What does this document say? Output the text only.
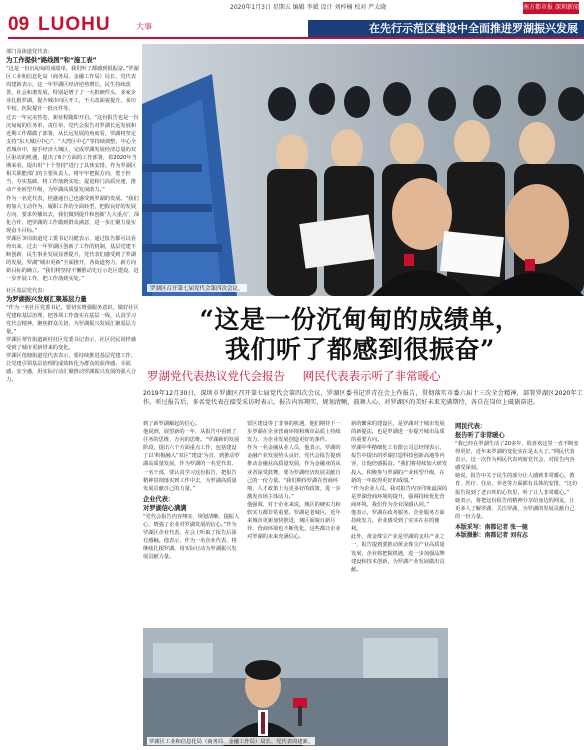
2020年1月3日 星期五 编辑 李斌 设计 刘梓楠 校对 严太晓	南方都市报 深圳新闻
09 LUOHU	大事	在先行示范区建设中全面推进罗湖振兴发展
部门及街道党代表：
为工作提供“路线图”和“施工表”
“这是一份沉甸甸的成绩单，我们听了都感到很振奋。”罗湖区工业和信息化局（商务局、金融工作局）局长、党代表周建新表示，这一年罗湖区经济逆势增长，民生持续改善，社会和谐发展，特别是增了了一大批硬件头，多家企业扎根罗湖，提升城市向区开工，不大改面貌提升，多历半校，医院提升一批百件等。
过去一年完美答卷，新征程随即开启。“这份报告也是一份沉甸甸的任务单、责任单、党代会报告对罗湖长远发展和近期工作都做了部署，从长远发展的角度看，罗湖将坚定支持“东大城区中心”、“大湾区中心”等持续调整，中心全省城市中，接手经济大城区，完成罗湖发展经济总量的双区驱动的机遇，提出了6个方面的工作部署，着2020年当期来看，提出用“十个坚持”进行了具体安排。作为罗湖区相关职能部门的主要负责人，将牢牢把握方向，勇于担当，夯实基础，将工作落到实处；促进和门高质应速，推动产业转型升级，为罗湖高质量发展助力。”
作为一名党代表，桂盛通自己也感受到罗湖的发展。“我们将加大主动作为、履职工作的全面转型，把握良好的发展方向，要求传播出去，我们做到提升和创新‘九大重点’，深化合作、把罗湖的工作做到群众满意，进一步汇聚力量实现奋斗目标。”
罗湖区笋岗街道党工委书记冯健表示，通过报告都可以看得出来，过去一年罗湖区创新了工作的机制，基层党建不断创新、民生事业发展显著提升，党代表们感受到了罗湖的发展，罗湖“城市更新”全面推开，各街道努力，新方向新目标的确立。“我们将坚持不懈推动先行示范区建设，进一步开展工作，把工作落到实处。”
社区基层党代表：
为罗湖振兴发展汇聚基层力量
“作为一名社区党委书记，要切实增强服务意识，做好社区党建和基层治理，把各项工作落实在基层一线，认真学习党代会精神，聚焦群众关切，为罗湖振兴发展汇聚基层力量。”
罗湖区翠竹街道新村社区党委书记表示，社区居民同样感受到了城市更新带来的变化。
罗湖区莲塘街道党代表表示，要持续推进基层党建工作，让党建引领基层治理的成效转化为群众的获得感、幸福感、安全感，用实际行动汇聚推动罗湖振兴发展的强大合力。
罗湖区召开第七届党代会第四次会议。
“这是一份沉甸甸的成绩单，
我们听了都感到很振奋”
罗湖党代表热议党代会报告 网民代表表示听了非常暖心
2019年12月30日，深圳市罗湖区召开第七届党代会第四次会议，罗湖区委书记罗青在会上作报告，贯彻落实市委六届十三次全会精神，部署罗湖区2020年工作。听过报告后，多名党代表在接受采访时表示，报告内容翔实，规划清晰，鼓舞人心，对罗湖区的美好未来充满期待，各自在岗位上砥砺奋进。
到了新罗湖崛起的信心。
他说到，展望新的一年，从报告中看到了任务的思维、方向的思维。“罗湖新的发展阶段，提出六个方面重点工作，包括建设了以‘积极融入“双区”建设’为首，到推动罗湖高质量发展，作为罗湖的一名党代表、一名干部，要认真学习这份报告，把报告精神贯彻落实到工作中去，为罗湖高质量发展贡献自己的力量。”
企业代表：
对罗湖信心满满
“党代会报告内容翔实、规划清晰，提振人心，增强了企业对罗湖发展的信心。”作为罗湖区企业代表，在会上听取了报告后深有感触。他表示，作为一名企业代表，将继续扎根罗湖，用实际行动为罗湖振兴发展贡献力量。
贸区建设等了非事的机遇，他们期待下一步罗湖在企业营商环境和城市品质上持续发力，为企业发展创造更好的条件。
作为一名金融从业人员，他表示，罗湖的金融产业发展势头良好，党代会报告提到推动金融业高质量发展，作为金融业的从业者深受鼓舞，要为罗湖经济发展贡献自己的一份力量。“我们期待罗湖在营商环境、人才政策上有更多好的政策，进一步激发市场主体活力。”
他强调，对于企业来说，城区的硬实力和软实力都非常重要。罗湖是老城区，近年来城市更新加快推进，城区面貌日新月异，营商环境也不断优化，这些都让企业对罗湖的未来充满信心。
新的繁荣的建设区，是罗湖对于城市发展的新提法，也是罗湖进一步提升城市品质的重要方向。
罗湖中华精细化工有限公司总经理表示，报告中提出的罗湖打造科技创新高地等内容，让他倍感振奋。“我们将持续加大研发投入，积极参与罗湖的产业转型升级，在新的一年取得更好的成绩。”
“作为企业人员，我对报告内容印象最深的是罗湖营商环境的提升，强调持续优化营商环境，我们作为企业深感认同。”
他表示，罗湖在政务服务、企业服务方面持续发力，企业感受到了实实在在的便利。
此外，黄金珠宝产业是罗湖的支柱产业之一，报告提到要推动黄金珠宝产业高质量发展，企业将把握机遇，进一步加强品牌建设和技术创新，为罗湖产业发展做出贡献。
网民代表：
报告听了非常暖心
“我已经在罗湖生活了20多年，很喜欢这里一直不断变得更好，近年来罗湖的变化实在是太大了。”网民代表表示，这一次作为网民代表列席党代会，对报告内容感受深刻。
她说，报告中关于民生的部分让人感到非常暖心，教育、医疗、住房、养老等方面都有具体的安排，“这份报告说到了老百姓的心坎里，听了让人非常暖心。”
她表示，将把这份报告的精神分享给身边的网友，让更多人了解罗湖、关注罗湖，为罗湖的发展贡献自己的一份力量。
本版采写：南都记者 张一驰
本版摄影：南都记者 刘有志
罗湖区工业和信息化局（商务局、金融工作局）局长、党代表周建新。
